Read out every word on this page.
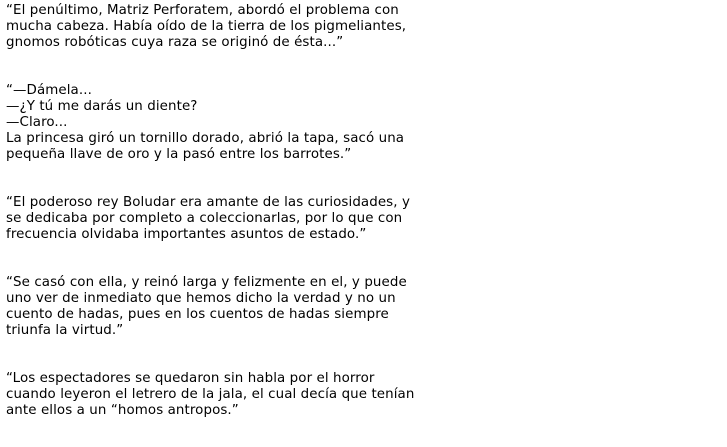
“El penúltimo, Matriz Perforatem, abordó el problema con
mucha cabeza. Había oído de la tierra de los pigmeliantes,
gnomos robóticas cuya raza se originó de ésta...”

“—Dámela...
—¿Y tú me darás un diente?
—Claro...
La princesa giró un tornillo dorado, abrió la tapa, sacó una
pequeña llave de oro y la pasó entre los barrotes.”

“El poderoso rey Boludar era amante de las curiosidades, y
se dedicaba por completo a coleccionarlas, por lo que con
frecuencia olvidaba importantes asuntos de estado.”

“Se casó con ella, y reinó larga y felizmente en el, y puede
uno ver de inmediato que hemos dicho la verdad y no un
cuento de hadas, pues en los cuentos de hadas siempre
triunfa la virtud.”

“Los espectadores se quedaron sin habla por el horror
cuando leyeron el letrero de la jala, el cual decía que tenían
ante ellos a un “homos antropos.”
